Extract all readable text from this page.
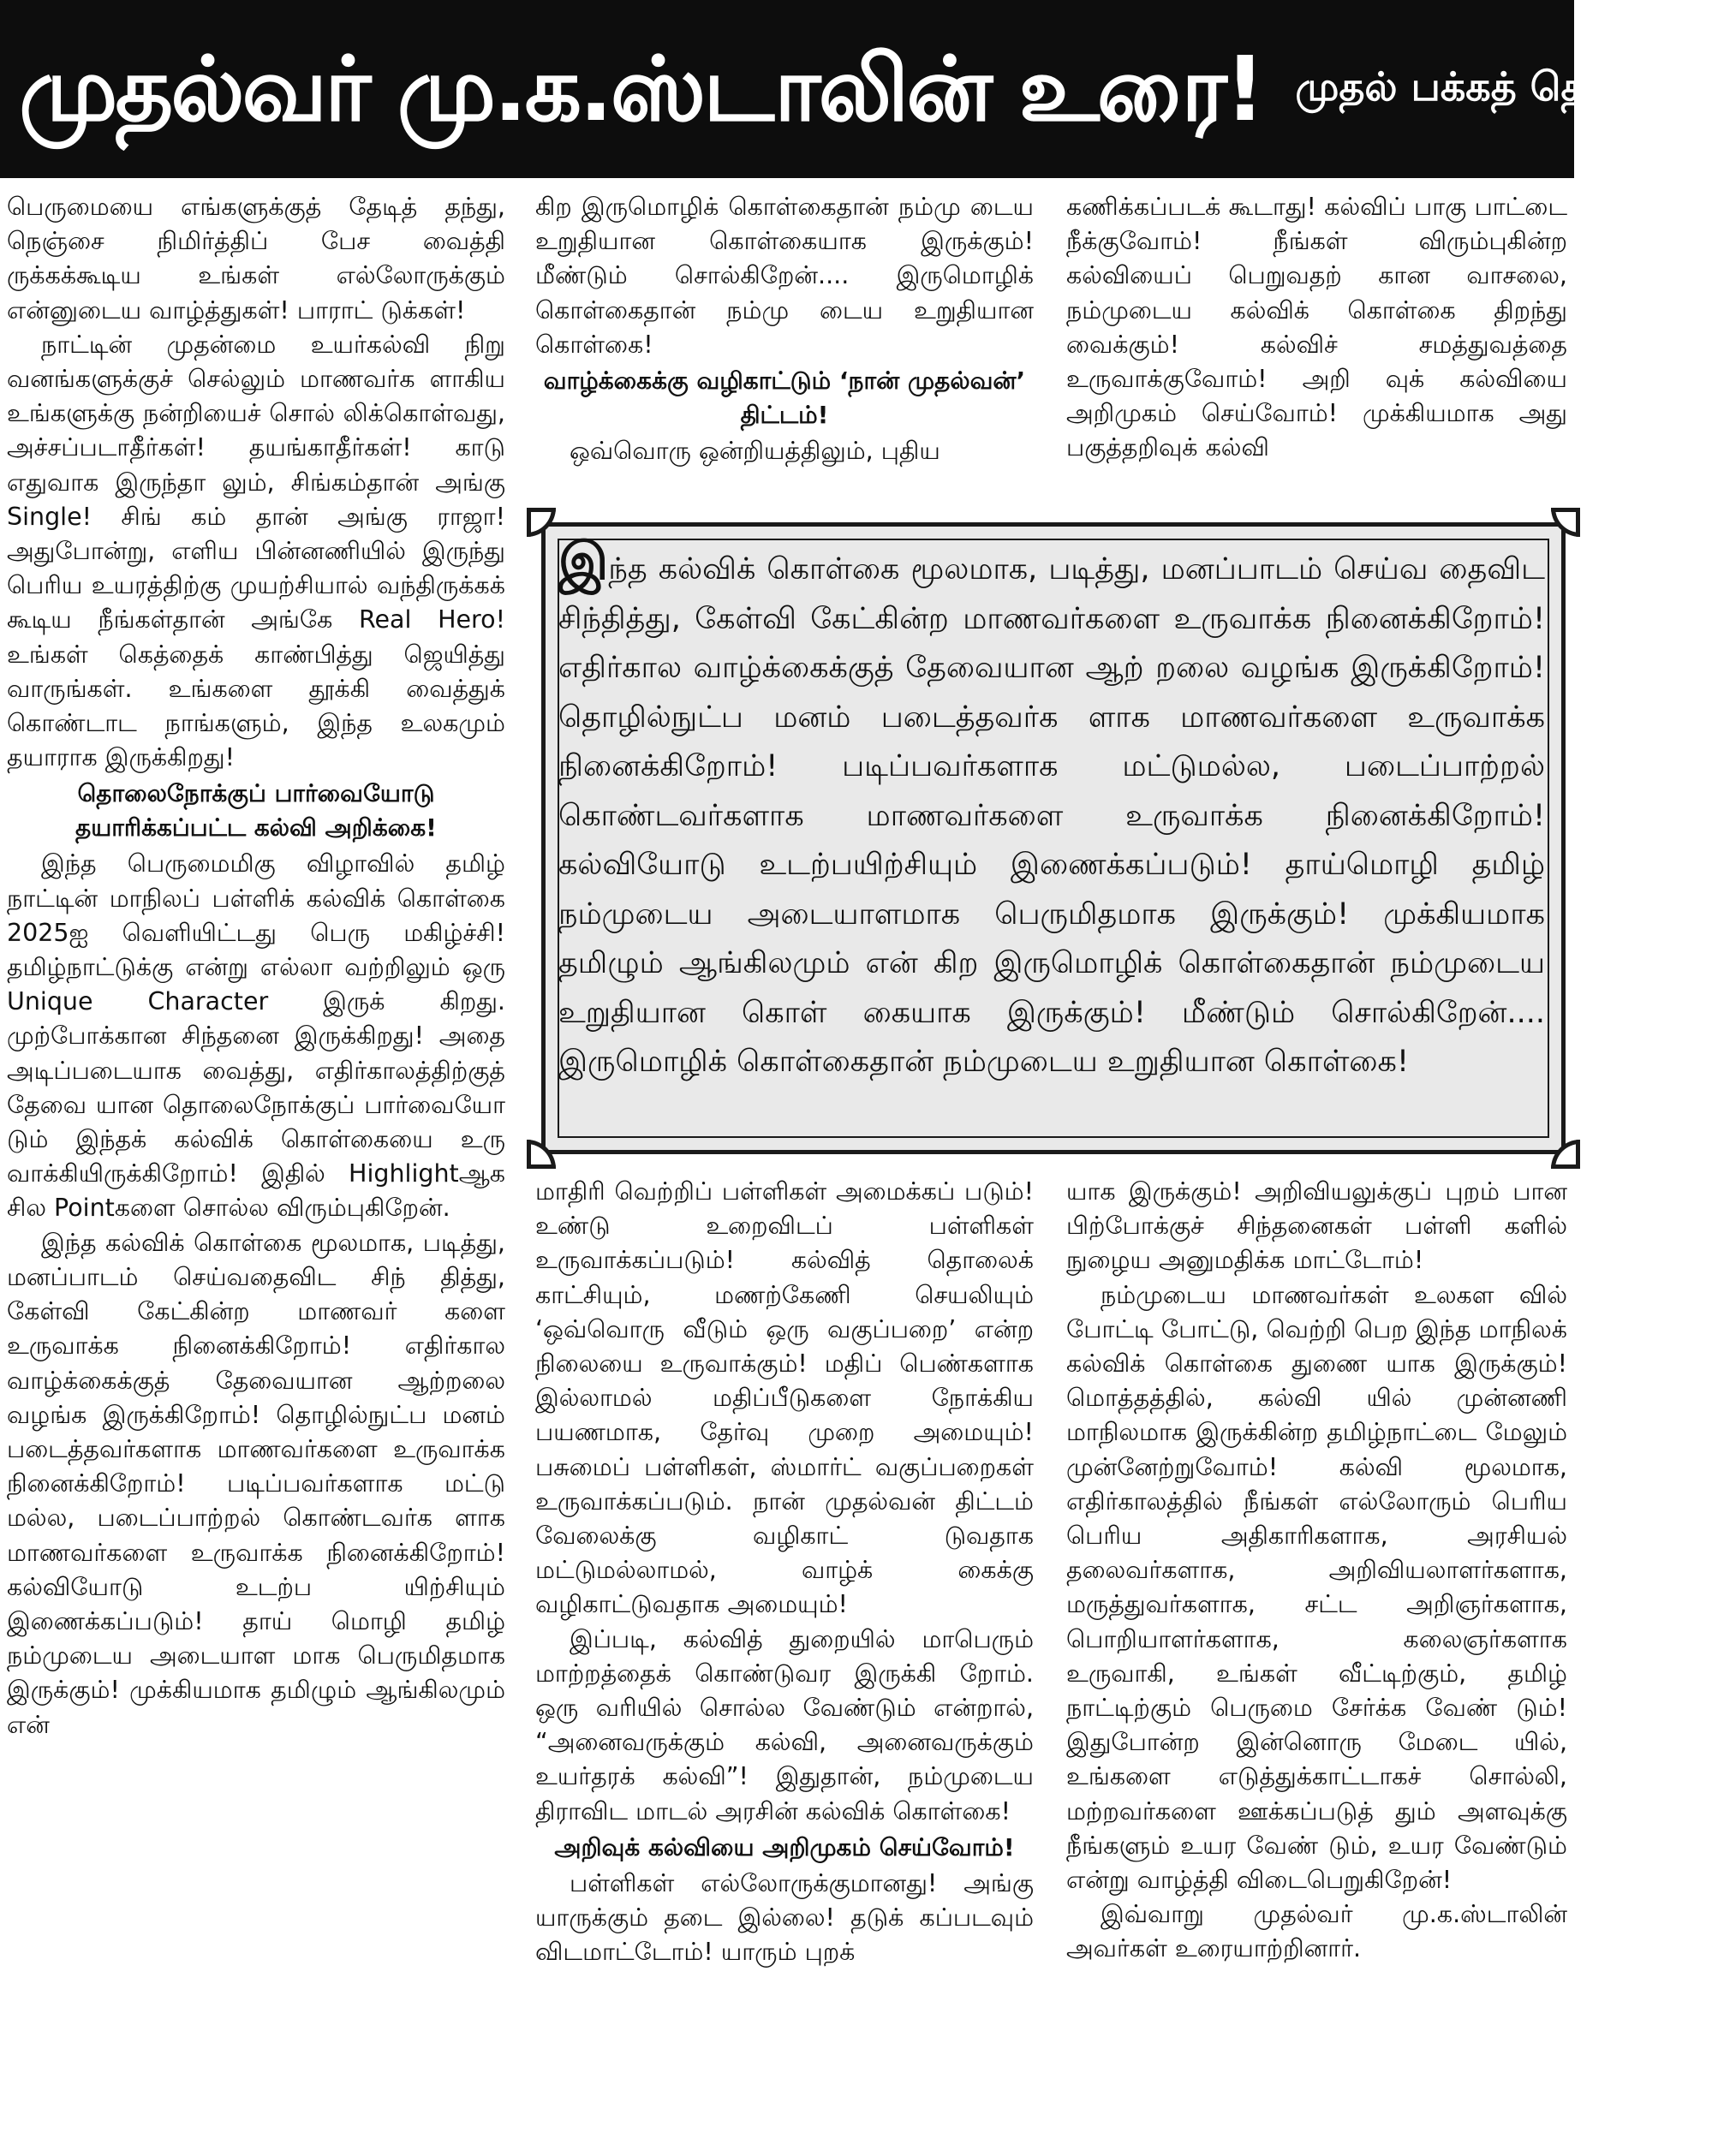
முதல்வர் மு.க.ஸ்டாலின் உரை! முதல் பக்கத் தொடர்ச்சி

பெருமையை எங்களுக்குத் தேடித் தந்து, நெஞ்சை நிமிர்த்திப் பேச வைத்தி ருக்கக்கூடிய உங்கள் எல்லோருக்கும் என்னுடைய வாழ்த்துகள்! பாராட் டுக்கள்!

நாட்டின் முதன்மை உயர்கல்வி நிறு வனங்களுக்குச் செல்லும் மாணவர்க ளாகிய உங்களுக்கு நன்றியைச் சொல் லிக்கொள்வது, அச்சப்படாதீர்கள்! தயங்காதீர்கள்! காடு எதுவாக இருந்தா லும், சிங்கம்தான் அங்கு Single! சிங் கம் தான் அங்கு ராஜா! அதுபோன்று, எளிய பின்னணியில் இருந்து பெரிய உயரத்திற்கு முயற்சியால் வந்திருக்கக் கூடிய நீங்கள்தான் அங்கே Real Hero! உங்கள் கெத்தைக் காண்பித்து ஜெயித்து வாருங்கள். உங்களை தூக்கி வைத்துக் கொண்டாட நாங்களும், இந்த உலகமும் தயாராக இருக்கிறது!

தொலைநோக்குப் பார்வையோடு தயாரிக்கப்பட்ட கல்வி அறிக்கை!

இந்த பெருமைமிகு விழாவில் தமிழ் நாட்டின் மாநிலப் பள்ளிக் கல்விக் கொள்கை 2025ஐ வெளியிட்டது பெரு மகிழ்ச்சி! தமிழ்நாட்டுக்கு என்று எல்லா வற்றிலும் ஒரு Unique Character இருக் கிறது. முற்போக்கான சிந்தனை இருக்கிறது! அதை அடிப்படையாக வைத்து, எதிர்காலத்திற்குத் தேவை யான தொலைநோக்குப் பார்வையோ டும் இந்தக் கல்விக் கொள்கையை உரு வாக்கியிருக்கிறோம்! இதில் Highlightஆக சில Pointகளை சொல்ல விரும்புகிறேன்.

இந்த கல்விக் கொள்கை மூலமாக, படித்து, மனப்பாடம் செய்வதைவிட சிந் தித்து, கேள்வி கேட்கின்ற மாணவர் களை உருவாக்க நினைக்கிறோம்! எதிர்கால வாழ்க்கைக்குத் தேவையான ஆற்றலை வழங்க இருக்கிறோம்! தொழில்நுட்ப மனம் படைத்தவர்களாக மாணவர்களை உருவாக்க நினைக்கிறோம்! படிப்பவர்களாக மட்டு மல்ல, படைப்பாற்றல் கொண்டவர்க ளாக மாணவர்களை உருவாக்க நினைக்கிறோம்! கல்வியோடு உடற்ப யிற்சியும் இணைக்கப்படும்! தாய் மொழி தமிழ் நம்முடைய அடையாள மாக பெருமிதமாக இருக்கும்! முக்கியமாக தமிழும் ஆங்கிலமும் என்

கிற இருமொழிக் கொள்கைதான் நம்மு டைய உறுதியான கொள்கையாக இருக்கும்! மீண்டும் சொல்கிறேன்.... இருமொழிக் கொள்கைதான் நம்மு டைய உறுதியான கொள்கை!

வாழ்க்கைக்கு வழிகாட்டும் ‘நான் முதல்வன்’ திட்டம்!

ஒவ்வொரு ஒன்றியத்திலும், புதிய

கணிக்கப்படக் கூடாது! கல்விப் பாகு பாட்டை நீக்குவோம்! நீங்கள் விரும்புகின்ற கல்வியைப் பெறுவதற் கான வாசலை, நம்முடைய கல்விக் கொள்கை திறந்து வைக்கும்! கல்விச் சமத்துவத்தை உருவாக்குவோம்! அறி வுக் கல்வியை அறிமுகம் செய்வோம்! முக்கியமாக அது பகுத்தறிவுக் கல்வி

இந்த கல்விக் கொள்கை மூலமாக, படித்து, மனப்பாடம் செய்வ தைவிட சிந்தித்து, கேள்வி கேட்கின்ற மாணவர்களை உருவாக்க நினைக்கிறோம்! எதிர்கால வாழ்க்கைக்குத் தேவையான ஆற் றலை வழங்க இருக்கிறோம்! தொழில்நுட்ப மனம் படைத்தவர்க ளாக மாணவர்களை உருவாக்க நினைக்கிறோம்! படிப்பவர்களாக மட்டுமல்ல, படைப்பாற்றல் கொண்டவர்களாக மாணவர்களை உருவாக்க நினைக்கிறோம்! கல்வியோடு உடற்பயிற்சியும் இணைக்கப்படும்! தாய்மொழி தமிழ் நம்முடைய அடையாளமாக பெருமிதமாக இருக்கும்! முக்கியமாக தமிழும் ஆங்கிலமும் என் கிற இருமொழிக் கொள்கைதான் நம்முடைய உறுதியான கொள் கையாக இருக்கும்! மீண்டும் சொல்கிறேன்.... இருமொழிக் கொள்கைதான் நம்முடைய உறுதியான கொள்கை!

மாதிரி வெற்றிப் பள்ளிகள் அமைக்கப் படும்! உண்டு உறைவிடப் பள்ளிகள் உருவாக்கப்படும்! கல்வித் தொலைக் காட்சியும், மணற்கேணி செயலியும் ‘ஒவ்வொரு வீடும் ஒரு வகுப்பறை’ என்ற நிலையை உருவாக்கும்! மதிப் பெண்களாக இல்லாமல் மதிப்பீடுகளை நோக்கிய பயணமாக, தேர்வு முறை அமையும்! பசுமைப் பள்ளிகள், ஸ்மார்ட் வகுப்பறைகள் உருவாக்கப்படும். நான் முதல்வன் திட்டம் வேலைக்கு வழிகாட் டுவதாக மட்டுமல்லாமல், வாழ்க் கைக்கு வழிகாட்டுவதாக அமையும்!

இப்படி, கல்வித் துறையில் மாபெரும் மாற்றத்தைக் கொண்டுவர இருக்கி றோம். ஒரு வரியில் சொல்ல வேண்டும் என்றால், “அனைவருக்கும் கல்வி, அனைவருக்கும் உயர்தரக் கல்வி”! இதுதான், நம்முடைய திராவிட மாடல் அரசின் கல்விக் கொள்கை!

அறிவுக் கல்வியை அறிமுகம் செய்வோம்!

பள்ளிகள் எல்லோருக்குமானது! அங்கு யாருக்கும் தடை இல்லை! தடுக் கப்படவும் விடமாட்டோம்! யாரும் புறக்

யாக இருக்கும்! அறிவியலுக்குப் புறம் பான பிற்போக்குச் சிந்தனைகள் பள்ளி களில் நுழைய அனுமதிக்க மாட்டோம்!

நம்முடைய மாணவர்கள் உலகள வில் போட்டி போட்டு, வெற்றி பெற இந்த மாநிலக் கல்விக் கொள்கை துணை யாக இருக்கும்! மொத்தத்தில், கல்வி யில் முன்னணி மாநிலமாக இருக்கின்ற தமிழ்நாட்டை மேலும் முன்னேற்றுவோம்! கல்வி மூலமாக, எதிர்காலத்தில் நீங்கள் எல்லோரும் பெரிய பெரிய அதிகாரிகளாக, அரசியல் தலைவர்களாக, அறிவியலாளர்களாக, மருத்துவர்களாக, சட்ட அறிஞர்களாக, பொறியாளர்களாக, கலைஞர்களாக உருவாகி, உங்கள் வீட்டிற்கும், தமிழ் நாட்டிற்கும் பெருமை சேர்க்க வேண் டும்! இதுபோன்ற இன்னொரு மேடை யில், உங்களை எடுத்துக்காட்டாகச் சொல்லி, மற்றவர்களை ஊக்கப்படுத் தும் அளவுக்கு நீங்களும் உயர வேண் டும், உயர வேண்டும் என்று வாழ்த்தி விடைபெறுகிறேன்!

இவ்வாறு முதல்வர் மு.க.ஸ்டாலின் அவர்கள் உரையாற்றினார்.
